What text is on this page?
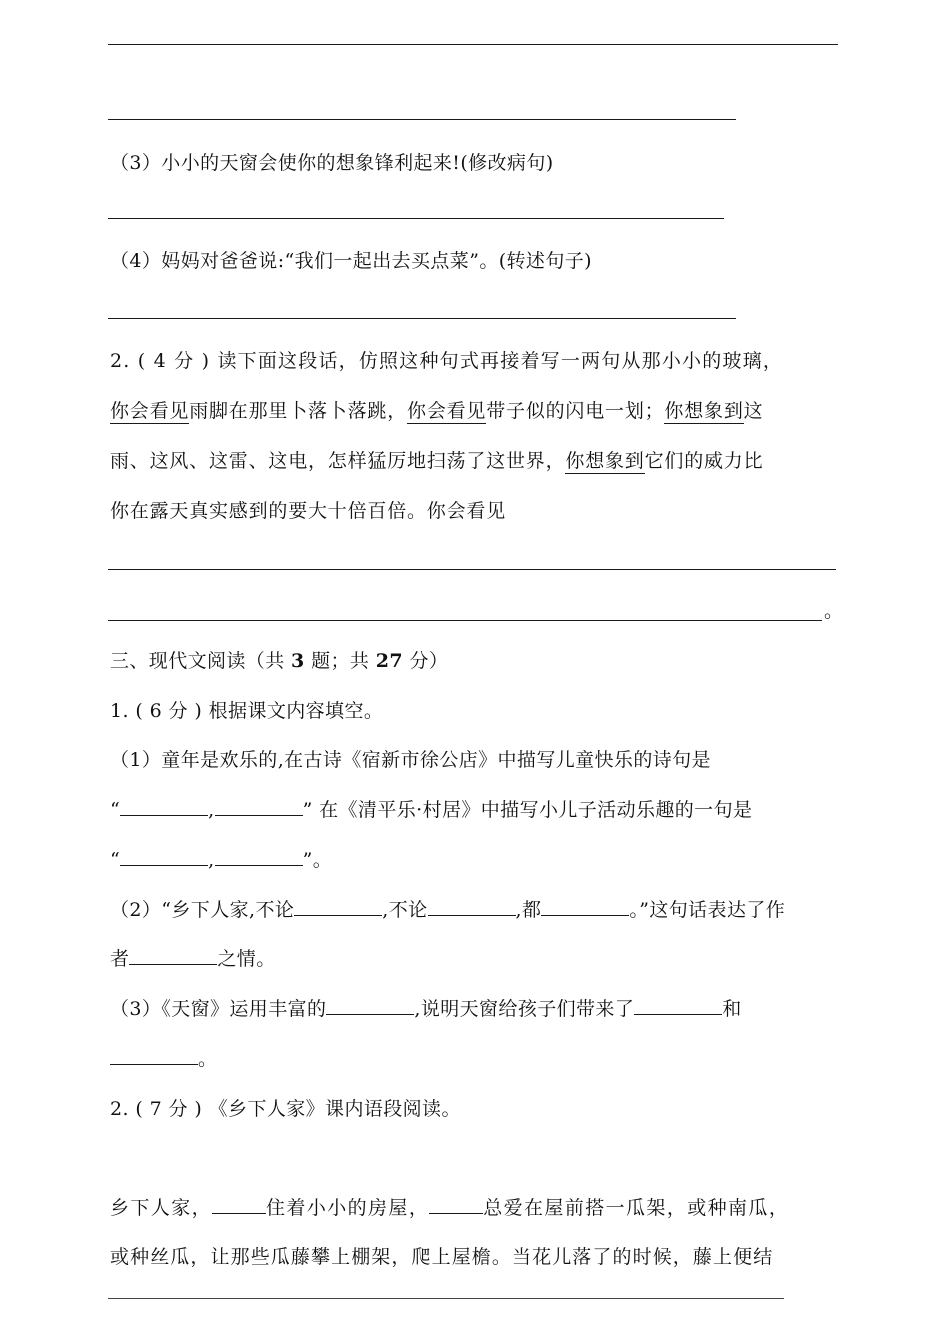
（3）小小的天窗会使你的想象锋利起来!(修改病句)
（4）妈妈对爸爸说:“我们一起出去买点菜”。(转述句子)
2. ( 4 分 ) 读下面这段话，仿照这种句式再接着写一两句从那小小的玻璃，
你会看见雨脚在那里卜落卜落跳，你会看见带子似的闪电一划；你想象到这
雨、这风、这雷、这电，怎样猛厉地扫荡了这世界，你想象到它们的威力比
你在露天真实感到的要大十倍百倍。你会看见
。
三、现代文阅读（共 3 题；共 27 分）
1. ( 6 分 ) 根据课文内容填空。
（1）童年是欢乐的,在古诗《宿新市徐公店》中描写儿童快乐的诗句是
“	,	” 在《清平乐·村居》中描写小儿子活动乐趣的一句是
“	,	”。
（2）“乡下人家,不论	,不论	,都	。”这句话表达了作
者	之情。
（3）《天窗》运用丰富的	,说明天窗给孩子们带来了	和
。
2. ( 7 分 ) 《乡下人家》课内语段阅读。
乡下人家，	住着小小的房屋，	总爱在屋前搭一瓜架，或种南瓜，
或种丝瓜，让那些瓜藤攀上棚架，爬上屋檐。当花儿落了的时候，藤上便结
